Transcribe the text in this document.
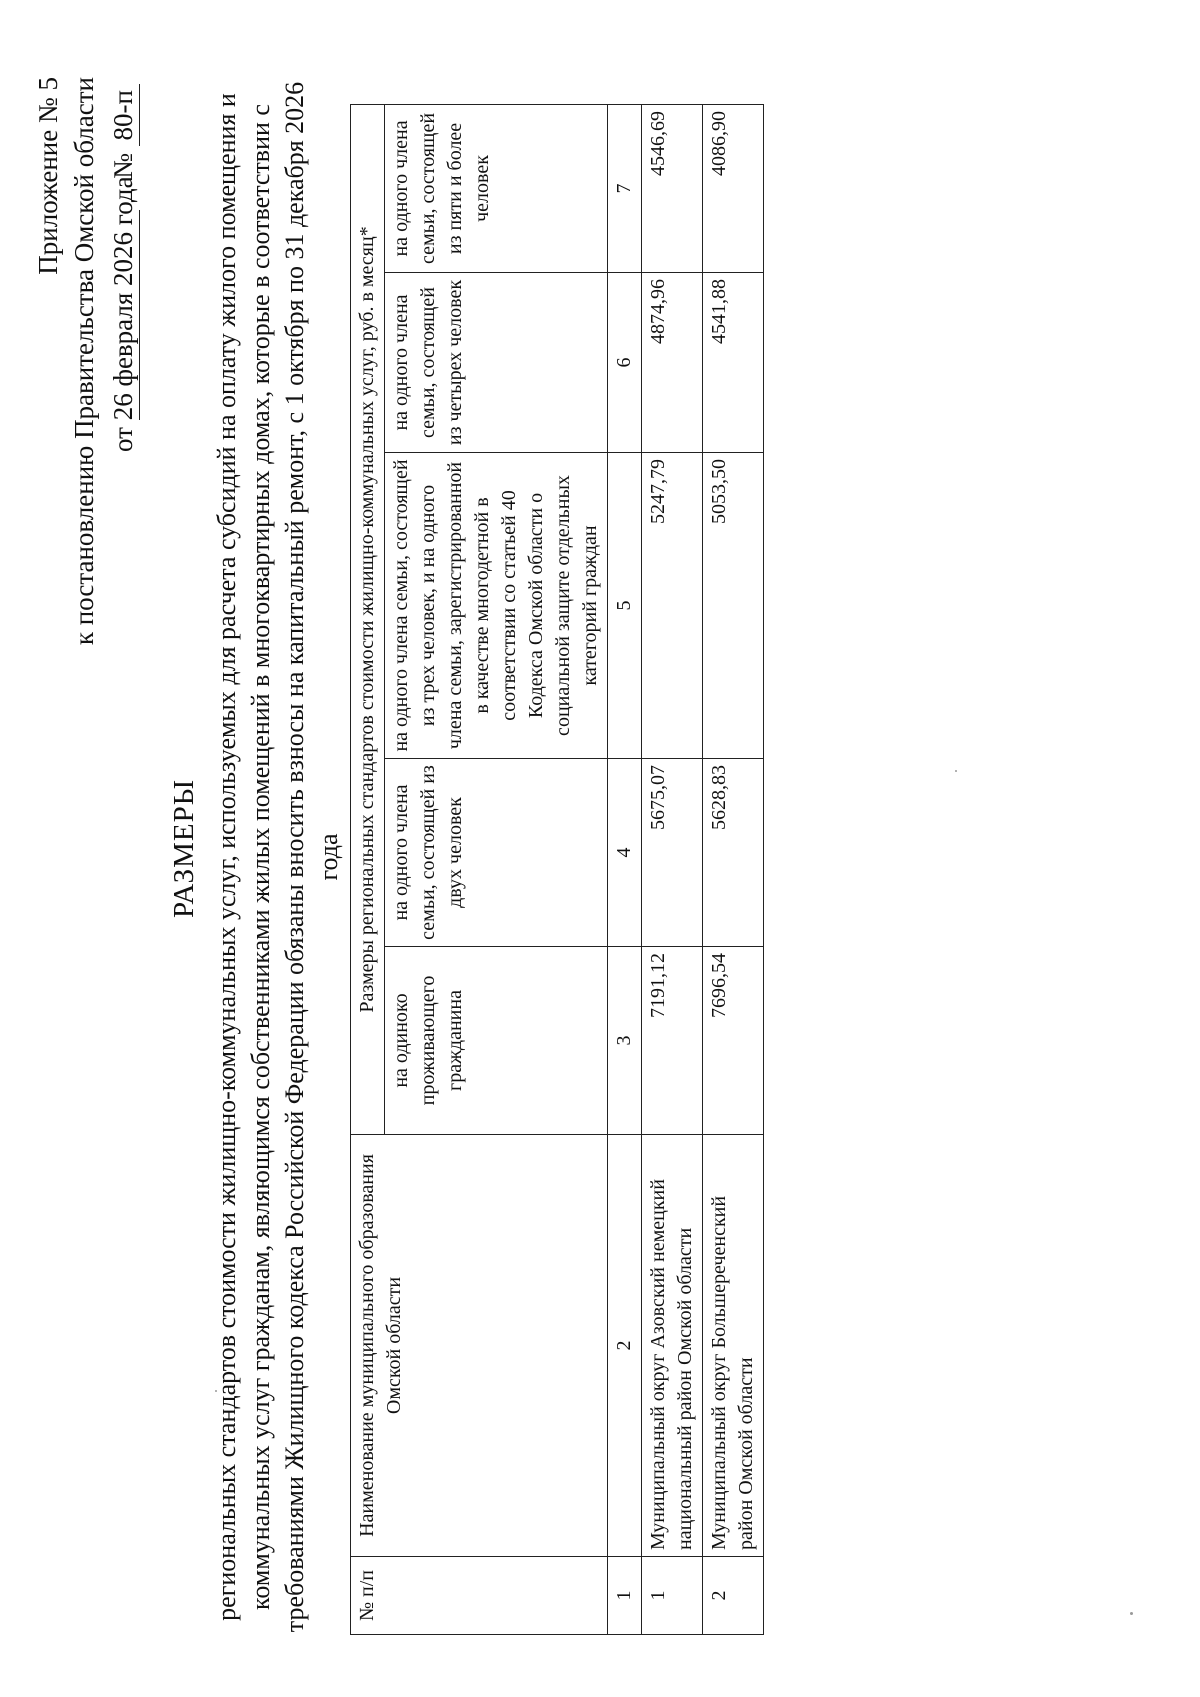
Приложение № 5 к постановлению Правительства Омской области от 26 февраля 2026 года  № 80-п
РАЗМЕРЫ региональных стандартов стоимости жилищно-коммунальных услуг, используемых для расчета субсидий на оплату жилого помещения и коммунальных услуг гражданам, являющимся собственниками жилых помещений в многоквартирных домах, которые в соответствии с требованиями Жилищного кодекса Российской Федерации обязаны вносить взносы на капитальный ремонт, с 1 октября по 31 декабря 2026 года
№ п/п	Наименование муниципального образования Омской области	Размеры региональных стандартов стоимости жилищно-коммунальных услуг, руб. в месяц*				
		на одиноко проживающего гражданина	на одного члена семьи, состоящей из двух человек	на одного члена семьи, состоящей из трех человек, и на одного члена семьи, зарегистрированной в качестве многодетной в соответствии со статьей 40 Кодекса Омской области о социальной защите отдельных категорий граждан	на одного члена семьи, состоящей из четырех человек	на одного члена семьи, состоящей из пяти и более человек
1	2	3	4	5	6	7
1	Муниципальный округ Азовский немецкий национальный район Омской области	7191,12	5675,07	5247,79	4874,96	4546,69
2	Муниципальный округ Большереченский район Омской области	7696,54	5628,83	5053,50	4541,88	4086,90
